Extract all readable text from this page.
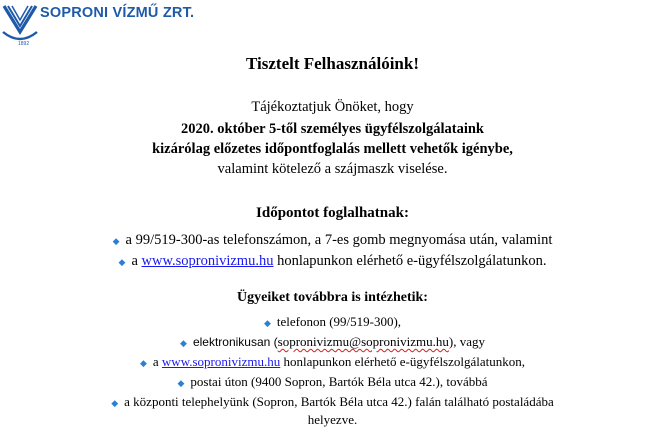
SOPRONI VÍZMŰ ZRT.
1892
Tisztelt Felhasználóink!
Tájékoztatjuk Önöket, hogy
2020. október 5-től személyes ügyfélszolgálataink
kizárólag előzetes időpontfoglalás mellett vehetők igénybe,
valamint kötelező a szájmaszk viselése.
Időpontot foglalhatnak:
◆ a 99/519-300-as telefonszámon, a 7-es gomb megnyomása után, valamint
◆ a www.sopronivizmu.hu honlapunkon elérhető e-ügyfélszolgálatunkon.
Ügyeiket továbbra is intézhetik:
◆ telefonon (99/519-300),
◆ elektronikusan (sopronivizmu@sopronivizmu.hu), vagy
◆ a www.sopronivizmu.hu honlapunkon elérhető e-ügyfélszolgálatunkon,
◆ postai úton (9400 Sopron, Bartók Béla utca 42.), továbbá
◆ a központi telephelyünk (Sopron, Bartók Béla utca 42.) falán található postaládába
helyezve.
